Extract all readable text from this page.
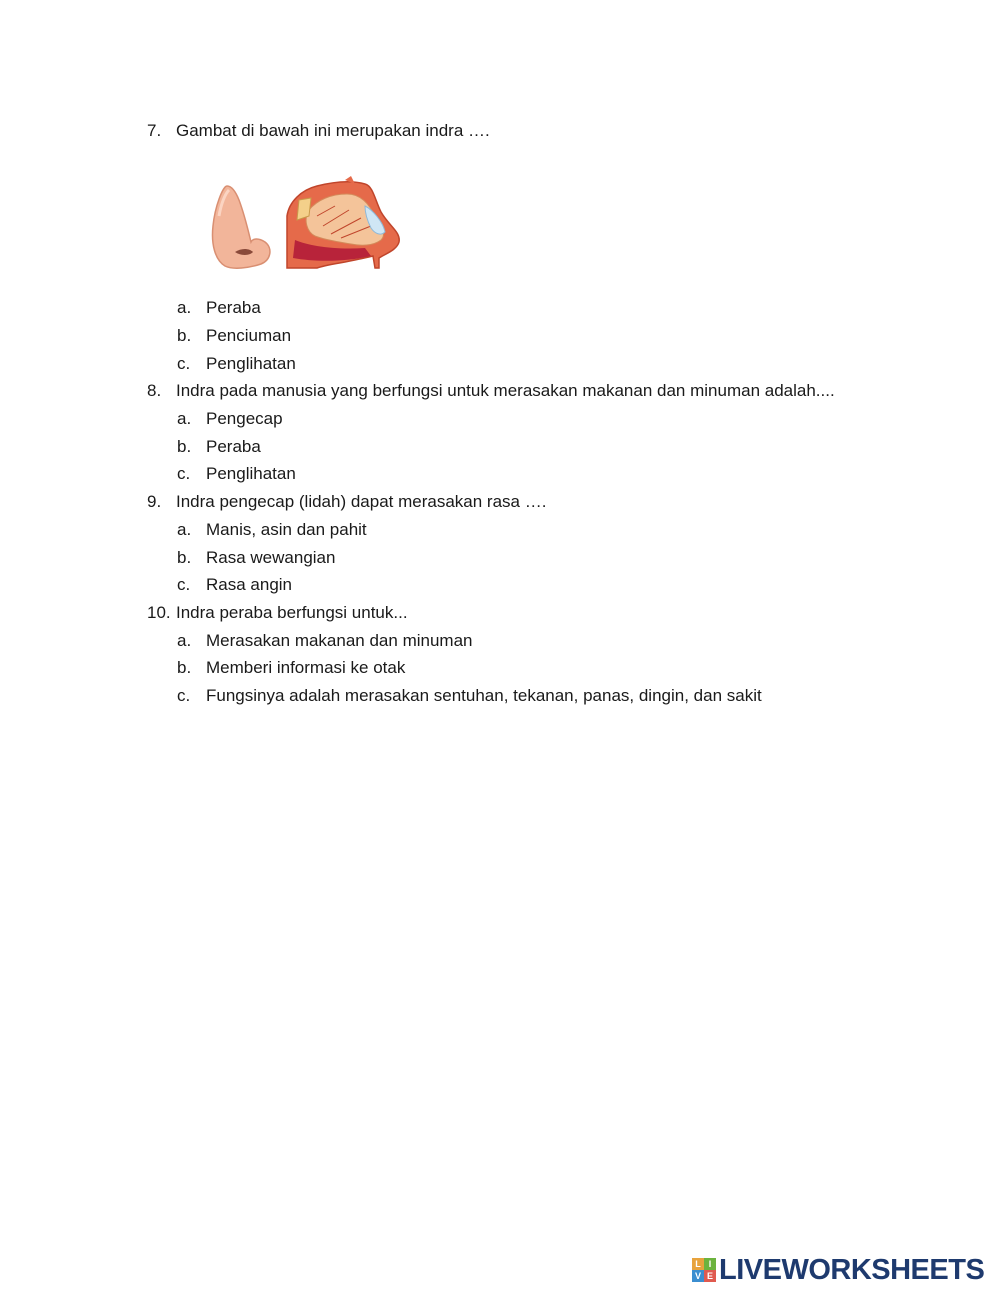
7. Gambat di bawah ini merupakan indra ….
a. Peraba
b. Penciuman
c. Penglihatan
8. Indra pada manusia yang berfungsi untuk merasakan makanan dan minuman adalah....
a. Pengecap
b. Peraba
c. Penglihatan
9. Indra pengecap (lidah) dapat merasakan rasa ….
a. Manis, asin dan pahit
b. Rasa wewangian
c. Rasa angin
10. Indra peraba berfungsi untuk...
a. Merasakan makanan dan minuman
b. Memberi informasi ke otak
c. Fungsinya adalah merasakan sentuhan, tekanan, panas, dingin, dan sakit
L I
V E LIVEWORKSHEETS
